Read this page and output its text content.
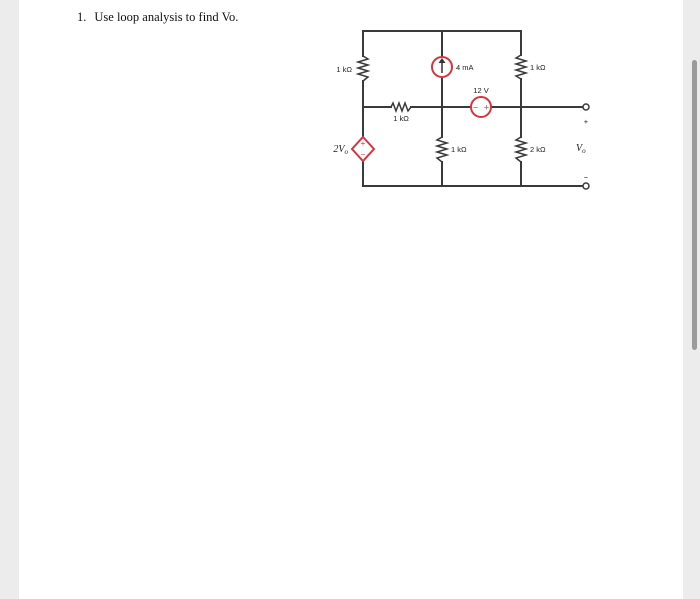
1. Use loop analysis to find Vo.
− +
+
−
1 kΩ	4 mA	1 kΩ
12 V
1 kΩ
$2V_o$	1 kΩ	2 kΩ	$V_o$
+
−
